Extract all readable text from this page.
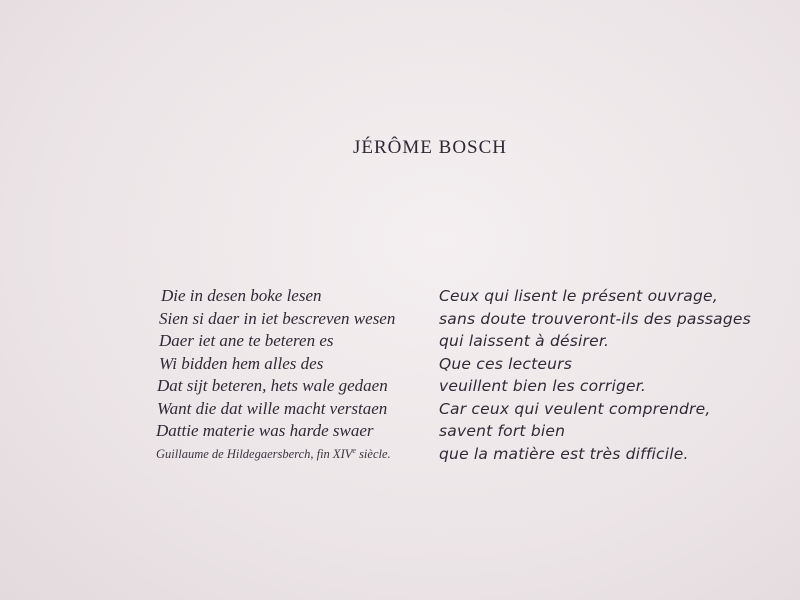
JÉRÔME BOSCH
Die in desen boke lesen
Sien si daer in iet bescreven wesen
Daer iet ane te beteren es
Wi bidden hem alles des
Dat sijt beteren, hets wale gedaen
Want die dat wille macht verstaen
Dattie materie was harde swaer
Guillaume de Hildegaersberch, fin XIVe siècle.
Ceux qui lisent le présent ouvrage,
sans doute trouveront-ils des passages
qui laissent à désirer.
Que ces lecteurs
veuillent bien les corriger.
Car ceux qui veulent comprendre,
savent fort bien
que la matière est très difficile.
